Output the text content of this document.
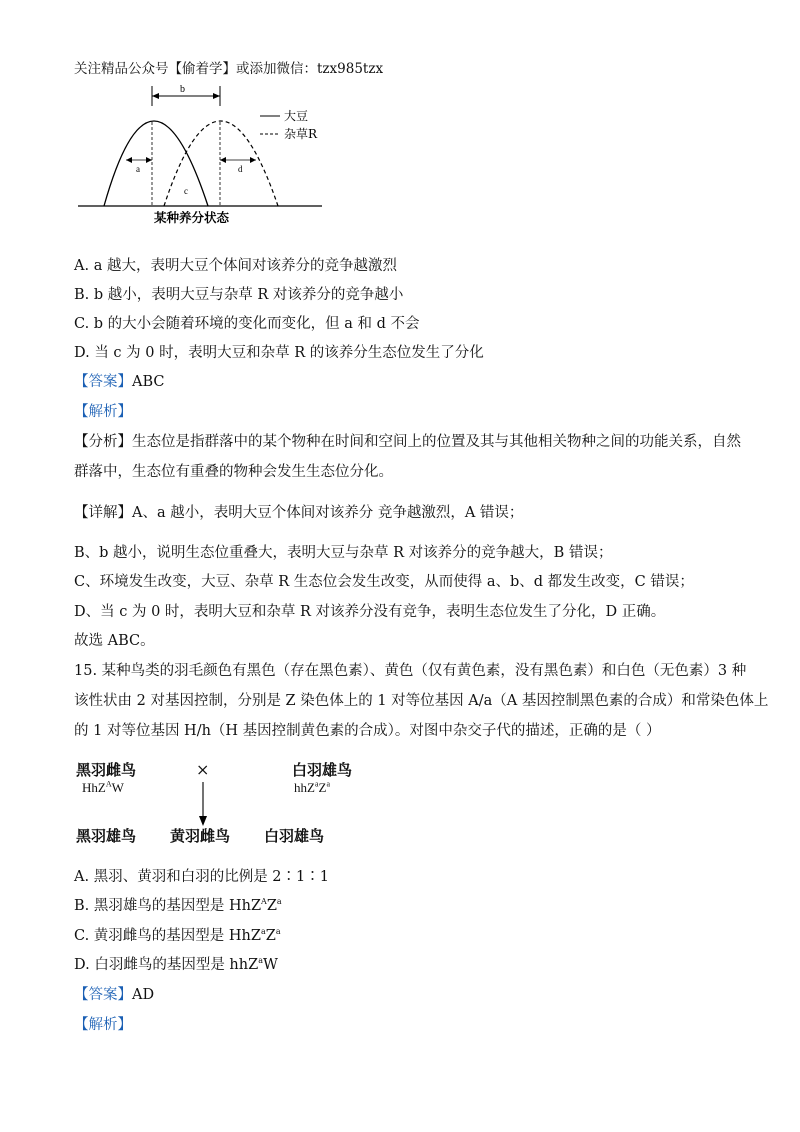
关注精品公众号【偷着学】或添加微信：tzx985tzx
b
a	d
c
大豆
杂草R
某种养分状态
A. a 越大，表明大豆个体间对该养分的竞争越激烈
B. b 越小，表明大豆与杂草 R 对该养分的竞争越小
C. b 的大小会随着环境的变化而变化，但 a 和 d 不会
D. 当 c 为 0 时，表明大豆和杂草 R 的该养分生态位发生了分化
【答案】ABC
【解析】
【分析】生态位是指群落中的某个物种在时间和空间上的位置及其与其他相关物种之间的功能关系，自然
群落中，生态位有重叠的物种会发生生态位分化。
【详解】A、a 越小，表明大豆个体间对该养分 竞争越激烈，A 错误；
B、b 越小，说明生态位重叠大，表明大豆与杂草 R 对该养分的竞争越大，B 错误；
C、环境发生改变，大豆、杂草 R 生态位会发生改变，从而使得 a、b、d 都发生改变，C 错误；
D、当 c 为 0 时，表明大豆和杂草 R 对该养分没有竞争，表明生态位发生了分化，D 正确。
故选 ABC。
15. 某种鸟类的羽毛颜色有黑色（存在黑色素）、黄色（仅有黄色素，没有黑色素）和白色（无色素）3 种
该性状由 2 对基因控制，分别是 Z 染色体上的 1 对等位基因 A/a（A 基因控制黑色素的合成）和常染色体上
的 1 对等位基因 H/h（H 基因控制黄色素的合成）。对图中杂交子代的描述，正确的是（ ）
黑羽雌鸟
HhZ$^A$W
×	白羽雄鸟
$hhZ^aZ^a$
黑羽雄鸟 黄羽雌鸟 白羽雄鸟
A. 黑羽、黄羽和白羽的比例是 2∶1∶1
B. 黑羽雄鸟的基因型是 $HhZ^AZ^a$
C. 黄羽雌鸟的基因型是 $HhZ^aZ^a$
D. 白羽雌鸟的基因型是 hhZ$^a$W
【答案】AD
【解析】
